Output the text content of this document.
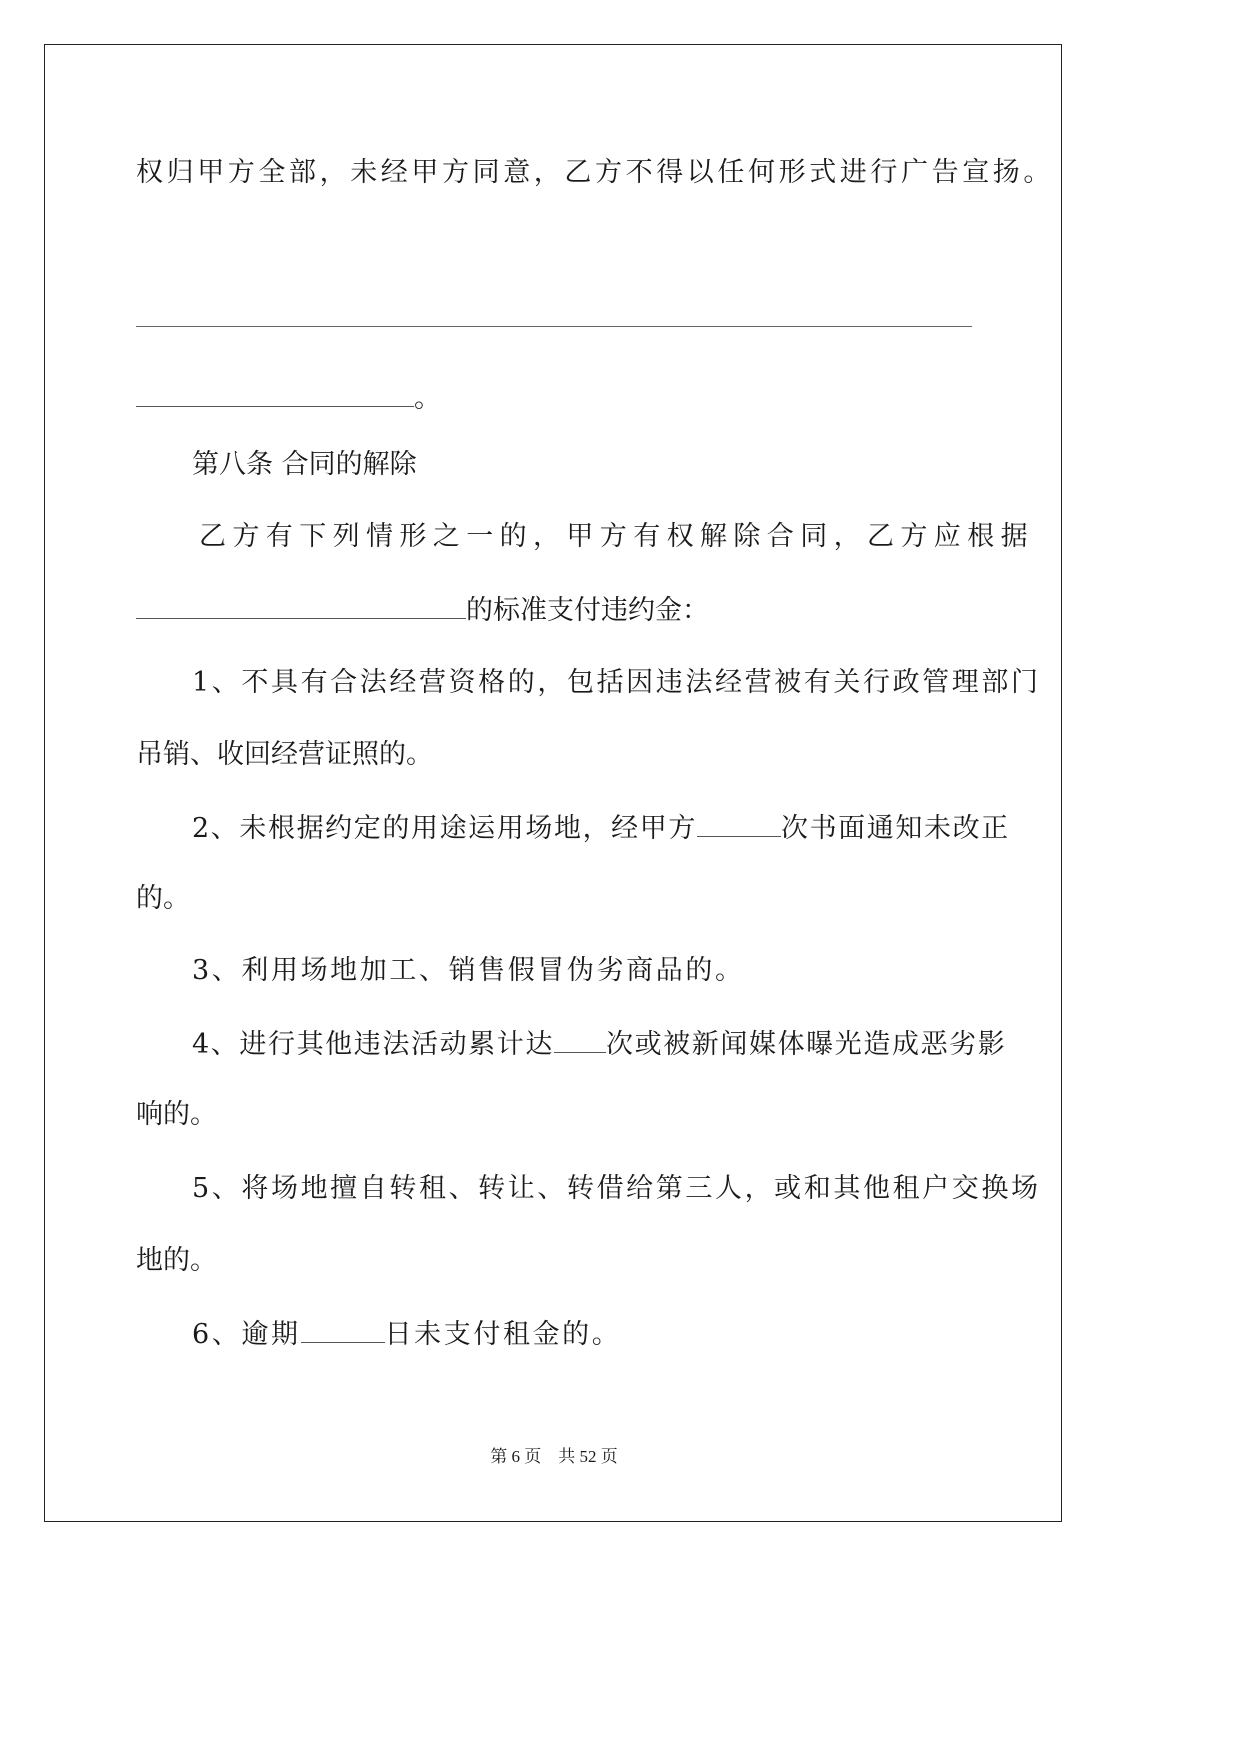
权归甲方全部，未经甲方同意，乙方不得以任何形式进行广告宣扬。
。
第八条 合同的解除
乙方有下列情形之一的，甲方有权解除合同，乙方应根据
的标准支付违约金：
1、不具有合法经营资格的，包括因违法经营被有关行政管理部门
吊销、收回经营证照的。
2、未根据约定的用途运用场地，经甲方	次书面通知未改正
的。
3、利用场地加工、销售假冒伪劣商品的。
4、进行其他违法活动累计达 次或被新闻媒体曝光造成恶劣影
响的。
5、将场地擅自转租、转让、转借给第三人，或和其他租户交换场
地的。
6、逾期	日未支付租金的。
第 6 页    共 52 页
